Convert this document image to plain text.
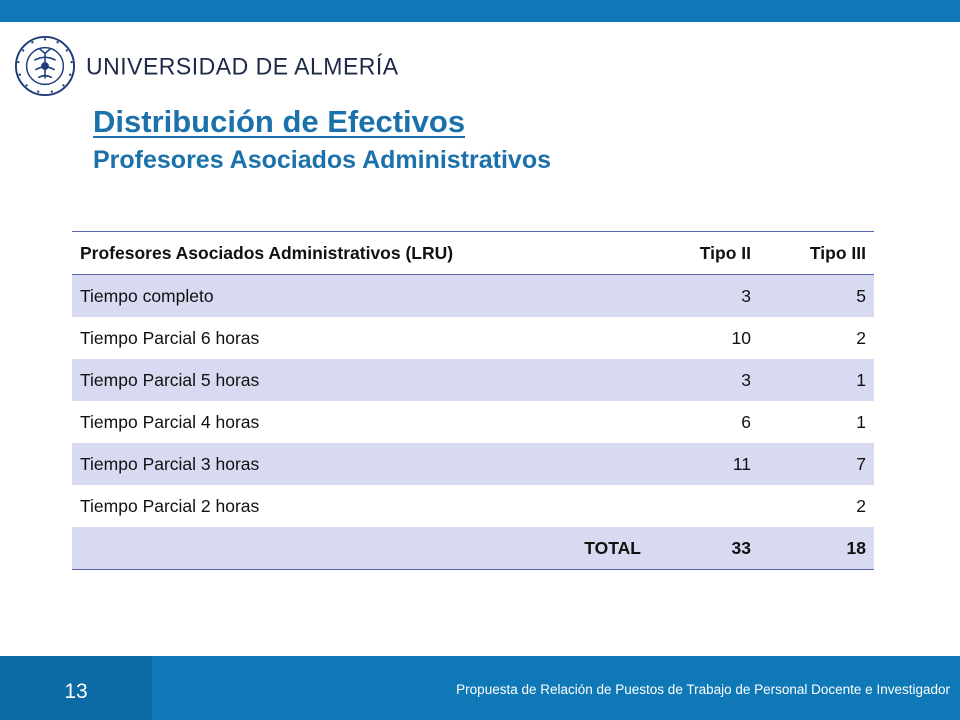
UNIVERSIDAD DE ALMERÍA
Distribución de Efectivos
Profesores Asociados Administrativos
Profesores Asociados Administrativos (LRU)	Tipo II	Tipo III
Tiempo completo	3	5
Tiempo Parcial 6 horas	10	2
Tiempo Parcial 5 horas	3	1
Tiempo Parcial 4 horas	6	1
Tiempo Parcial 3 horas	11	7
Tiempo Parcial 2 horas		2
TOTAL	33	18
13	Propuesta de Relación de Puestos de Trabajo de Personal Docente e Investigador
